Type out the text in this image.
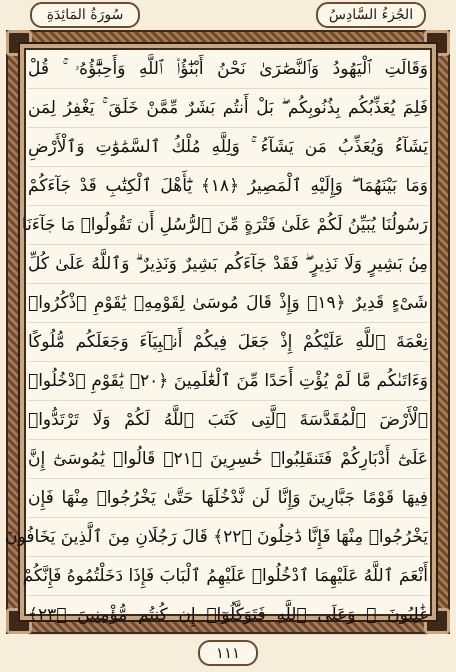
الجُزءُ السَّادِسُ
سُورَةُ المَائِدَةِ
وَقَالَتِ ٱلْيَهُودُ وَٱلنَّصَٰرَىٰ نَحْنُ أَبْنَٰٓؤُا۟ ٱللَّهِ وَأَحِبَّٰٓؤُهُۥ ۚ قُلْ
فَلِمَ يُعَذِّبُكُم بِذُنُوبِكُم ۖ بَلْ أَنتُم بَشَرٌ مِّمَّنْ خَلَقَ ۚ يَغْفِرُ لِمَن
يَشَآءُ وَيُعَذِّبُ مَن يَشَآءُ ۚ وَلِلَّهِ مُلْكُ ٱلسَّمَٰوَٰتِ وَٱلْأَرْضِ
وَمَا بَيْنَهُمَا ۖ وَإِلَيْهِ ٱلْمَصِيرُ ﴿١٨﴾ يَٰٓأَهْلَ ٱلْكِتَٰبِ قَدْ جَآءَكُمْ
رَسُولُنَا يُبَيِّنُ لَكُمْ عَلَىٰ فَتْرَةٍ مِّنَ ٱلرُّسُلِ أَن تَقُولُوا۟ مَا جَآءَنَا
مِنۢ بَشِيرٍ وَلَا نَذِيرٍ ۖ فَقَدْ جَآءَكُم بَشِيرٌ وَنَذِيرٌ ۗ وَٱللَّهُ عَلَىٰ كُلِّ
شَىْءٍ قَدِيرٌ ﴿١٩﴾ وَإِذْ قَالَ مُوسَىٰ لِقَوْمِهِۦ يَٰقَوْمِ ٱذْكُرُوا۟
نِعْمَةَ ٱللَّهِ عَلَيْكُمْ إِذْ جَعَلَ فِيكُمْ أَنۢبِيَآءَ وَجَعَلَكُم مُّلُوكًا
وَءَاتَىٰكُم مَّا لَمْ يُؤْتِ أَحَدًا مِّنَ ٱلْعَٰلَمِينَ ﴿٢٠﴾ يَٰقَوْمِ ٱدْخُلُوا۟
ٱلْأَرْضَ ٱلْمُقَدَّسَةَ ٱلَّتِى كَتَبَ ٱللَّهُ لَكُمْ وَلَا تَرْتَدُّوا۟
عَلَىٰٓ أَدْبَارِكُمْ فَتَنقَلِبُوا۟ خَٰسِرِينَ ﴿٢١﴾ قَالُوا۟ يَٰمُوسَىٰٓ إِنَّ
فِيهَا قَوْمًا جَبَّارِينَ وَإِنَّا لَن نَّدْخُلَهَا حَتَّىٰ يَخْرُجُوا۟ مِنْهَا فَإِن
يَخْرُجُوا۟ مِنْهَا فَإِنَّا دَٰخِلُونَ ﴿٢٢﴾ قَالَ رَجُلَانِ مِنَ ٱلَّذِينَ يَخَافُونَ
أَنْعَمَ ٱللَّهُ عَلَيْهِمَا ٱدْخُلُوا۟ عَلَيْهِمُ ٱلْبَابَ فَإِذَا دَخَلْتُمُوهُ فَإِنَّكُمْ
غَٰلِبُونَ ۚ وَعَلَى ٱللَّهِ فَتَوَكَّلُوٓا۟ إِن كُنتُم مُّؤْمِنِينَ ﴿٢٣﴾
١١١
